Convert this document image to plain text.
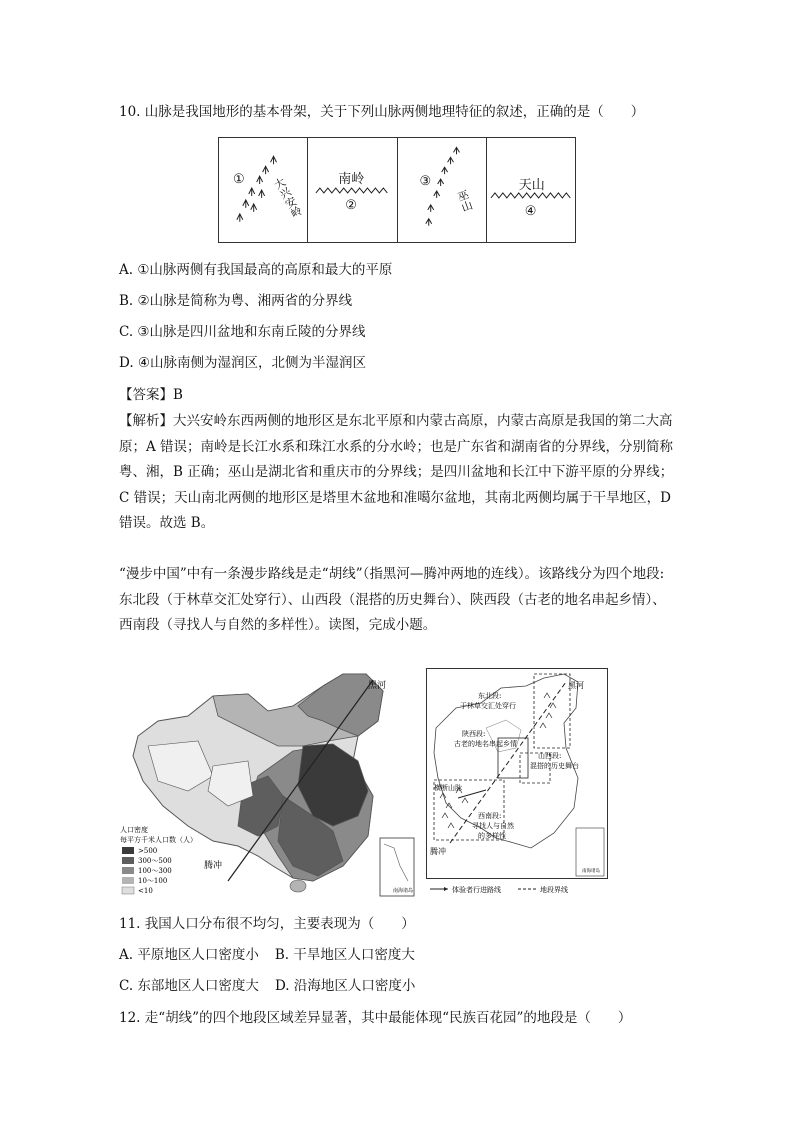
10. 山脉是我国地形的基本骨架，关于下列山脉两侧地理特征的叙述，正确的是（　　）
① 大兴安岭	南岭
②
③
巫山
天山
④
A. ①山脉两侧有我国最高的高原和最大的平原
B. ②山脉是简称为粤、湘两省的分界线
C. ③山脉是四川盆地和东南丘陵的分界线
D. ④山脉南侧为湿润区，北侧为半湿润区
【答案】B
【解析】大兴安岭东西两侧的地形区是东北平原和内蒙古高原，内蒙古高原是我国的第二大高原；A 错误；南岭是长江水系和珠江水系的分水岭；也是广东省和湖南省的分界线，分别简称粤、湘，B 正确；巫山是湖北省和重庆市的分界线；是四川盆地和长江中下游平原的分界线；C 错误；天山南北两侧的地形区是塔里木盆地和准噶尔盆地，其南北两侧均属于干旱地区，D 错误。故选 B。
“漫步中国”中有一条漫步路线是走“胡线”（指黑河—腾冲两地的连线）。该路线分为四个地段: 东北段（于林草交汇处穿行）、山西段（混搭的历史舞台）、陕西段（古老的地名串起乡情）、西南段（寻找人与自然的多样性）。读图，完成小题。
黑河
腾冲
人口密度
每平方千米人口数（人）
>500
300～500
100～300
10～100
<10	南海诸岛
黑河
腾冲
东北段:
于林草交汇处穿行
陕西段:
古老的地名串起乡情
山西段:
混搭的历史舞台
横断山脉
西南段:
寻找人与自然
的多样性
南海诸岛
体验者行进路线	地段界线
11. 我国人口分布很不均匀，主要表现为（　　）
A. 平原地区人口密度小 B. 干旱地区人口密度大
C. 东部地区人口密度大 D. 沿海地区人口密度小
12. 走“胡线”的四个地段区域差异显著，其中最能体现“民族百花园”的地段是（　　）
